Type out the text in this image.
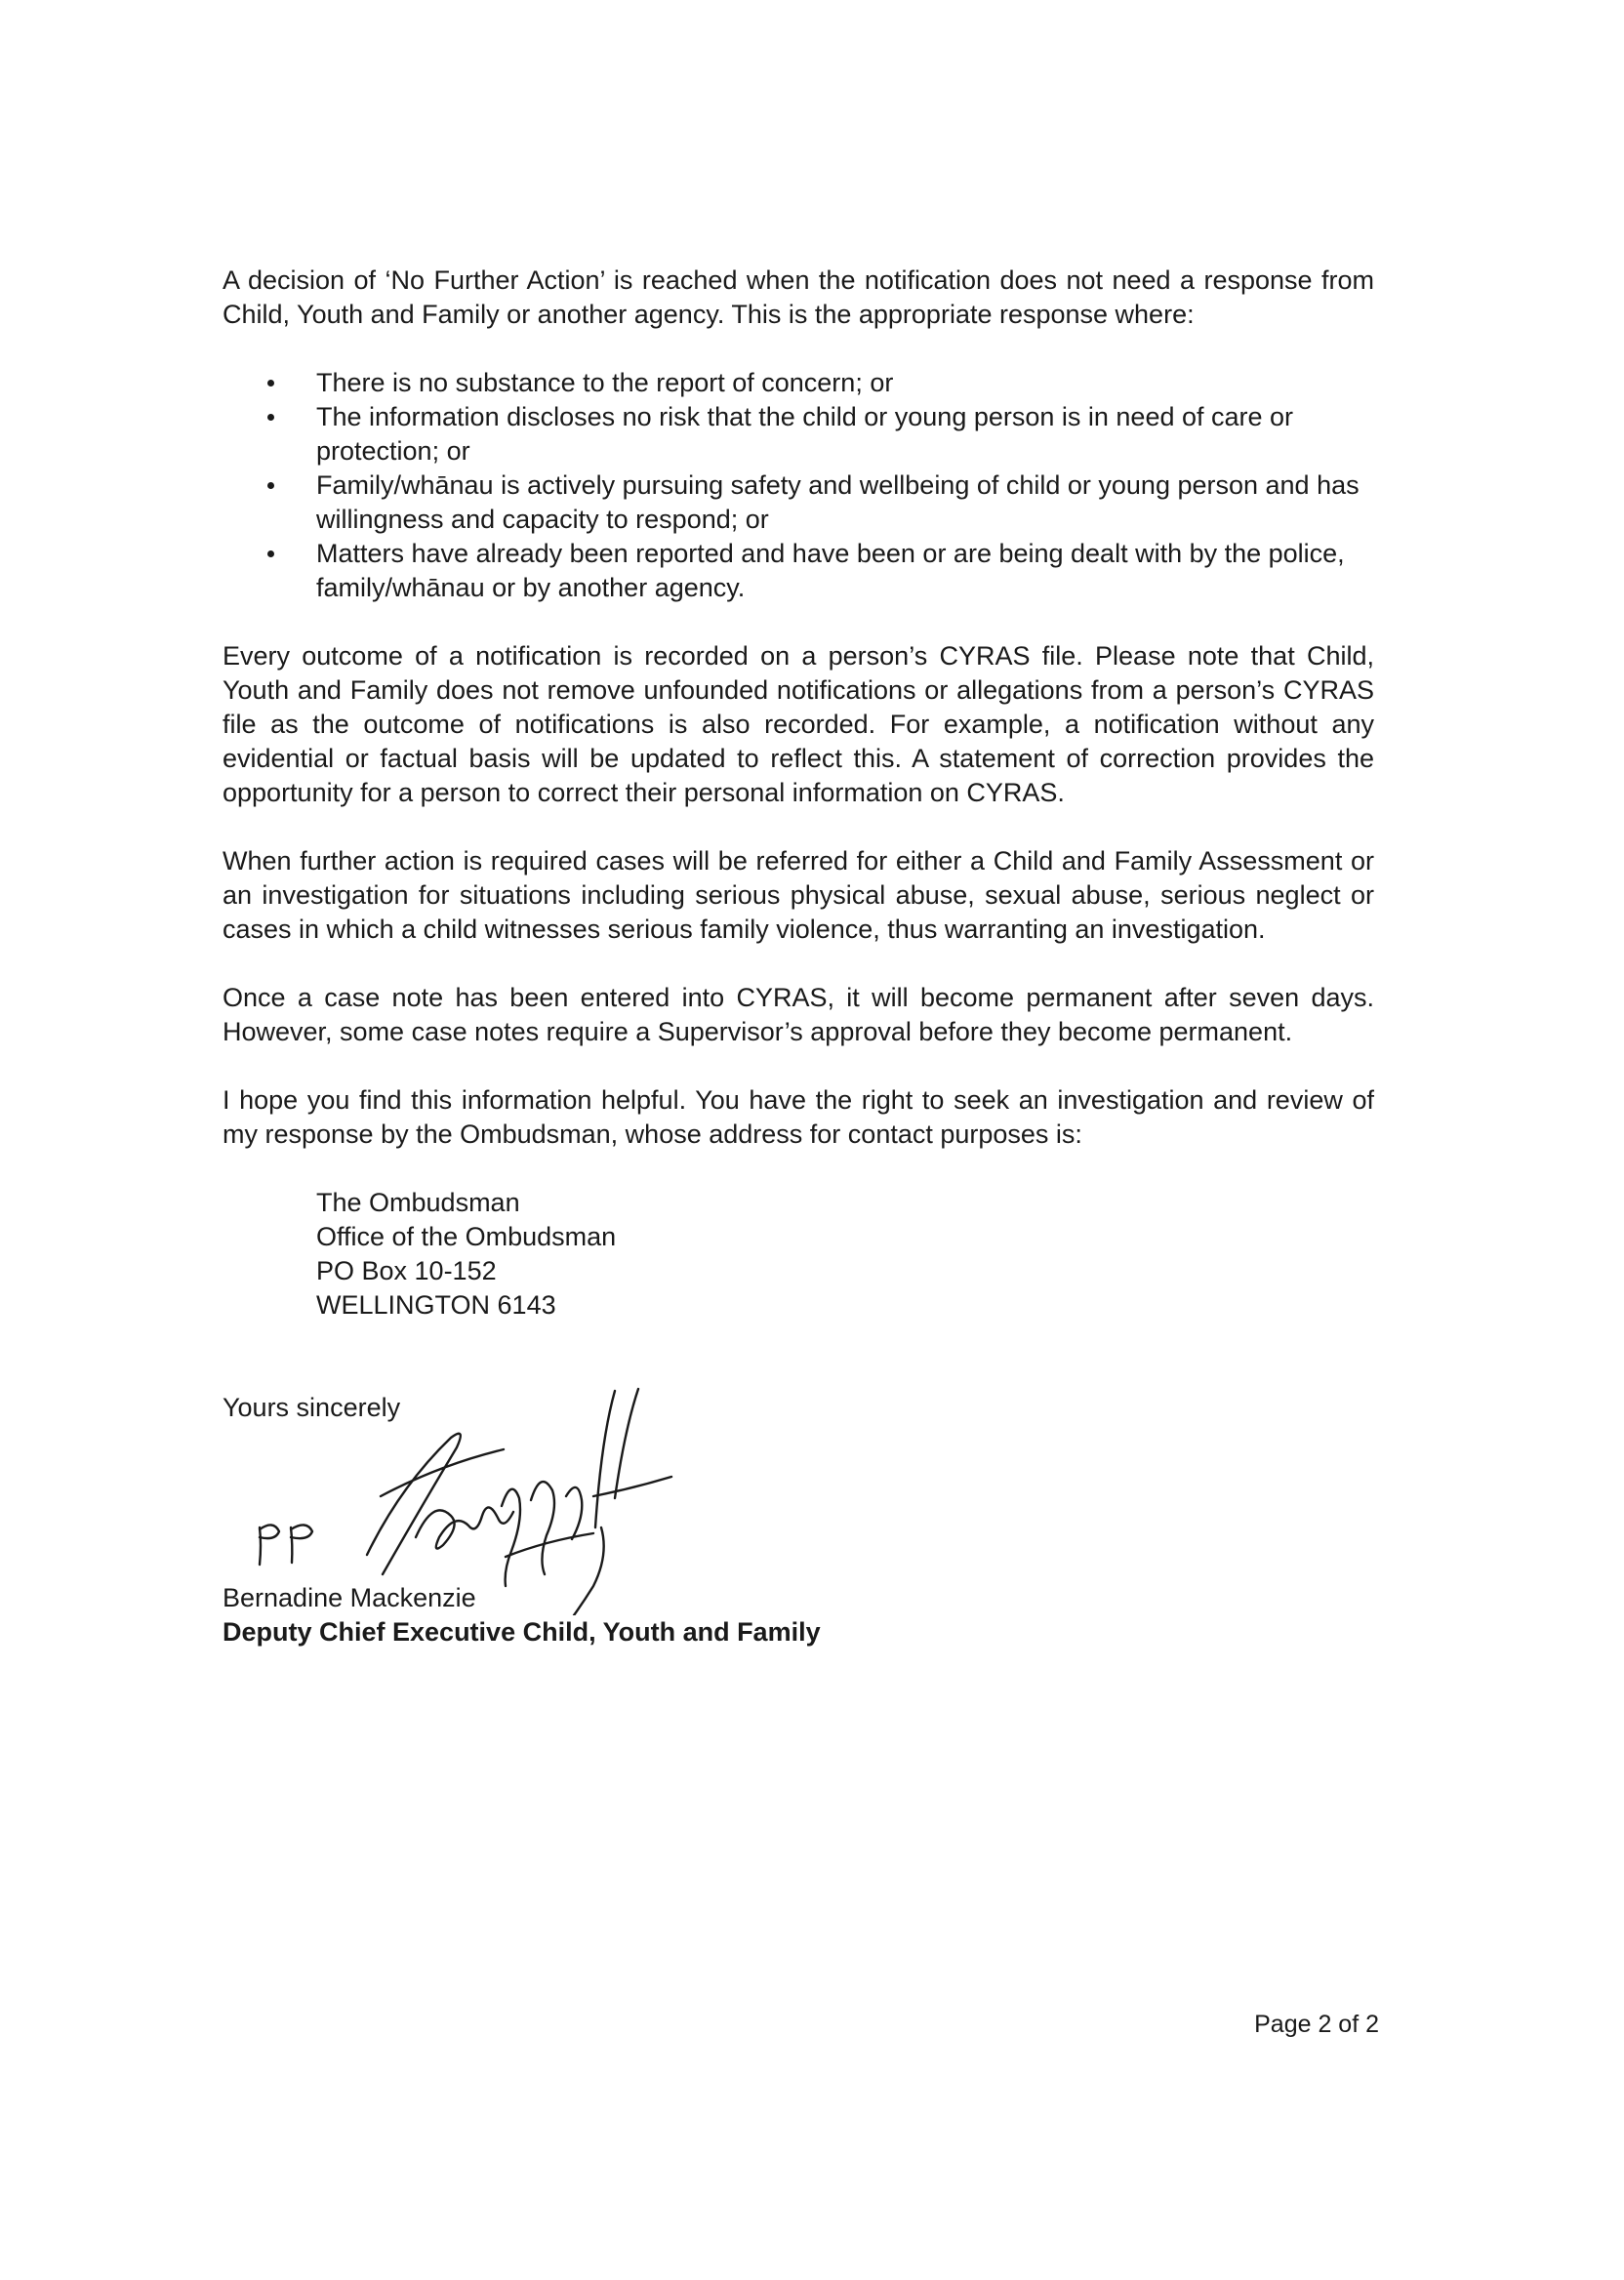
A decision of ‘No Further Action’ is reached when the notification does not need a response from Child, Youth and Family or another agency. This is the appropriate response where:

There is no substance to the report of concern; or
The information discloses no risk that the child or young person is in need of care or protection; or
Family/whānau is actively pursuing safety and wellbeing of child or young person and has willingness and capacity to respond; or
Matters have already been reported and have been or are being dealt with by the police, family/whānau or by another agency.

Every outcome of a notification is recorded on a person’s CYRAS file. Please note that Child, Youth and Family does not remove unfounded notifications or allegations from a person’s CYRAS file as the outcome of notifications is also recorded. For example, a notification without any evidential or factual basis will be updated to reflect this. A statement of correction provides the opportunity for a person to correct their personal information on CYRAS.

When further action is required cases will be referred for either a Child and Family Assessment or an investigation for situations including serious physical abuse, sexual abuse, serious neglect or cases in which a child witnesses serious family violence, thus warranting an investigation.

Once a case note has been entered into CYRAS, it will become permanent after seven days. However, some case notes require a Supervisor’s approval before they become permanent.

I hope you find this information helpful. You have the right to seek an investigation and review of my response by the Ombudsman, whose address for contact purposes is:

The Ombudsman
Office of the Ombudsman
PO Box 10-152
WELLINGTON 6143
Yours sincerely
Bernadine Mackenzie
Deputy Chief Executive Child, Youth and Family
Page 2 of 2
